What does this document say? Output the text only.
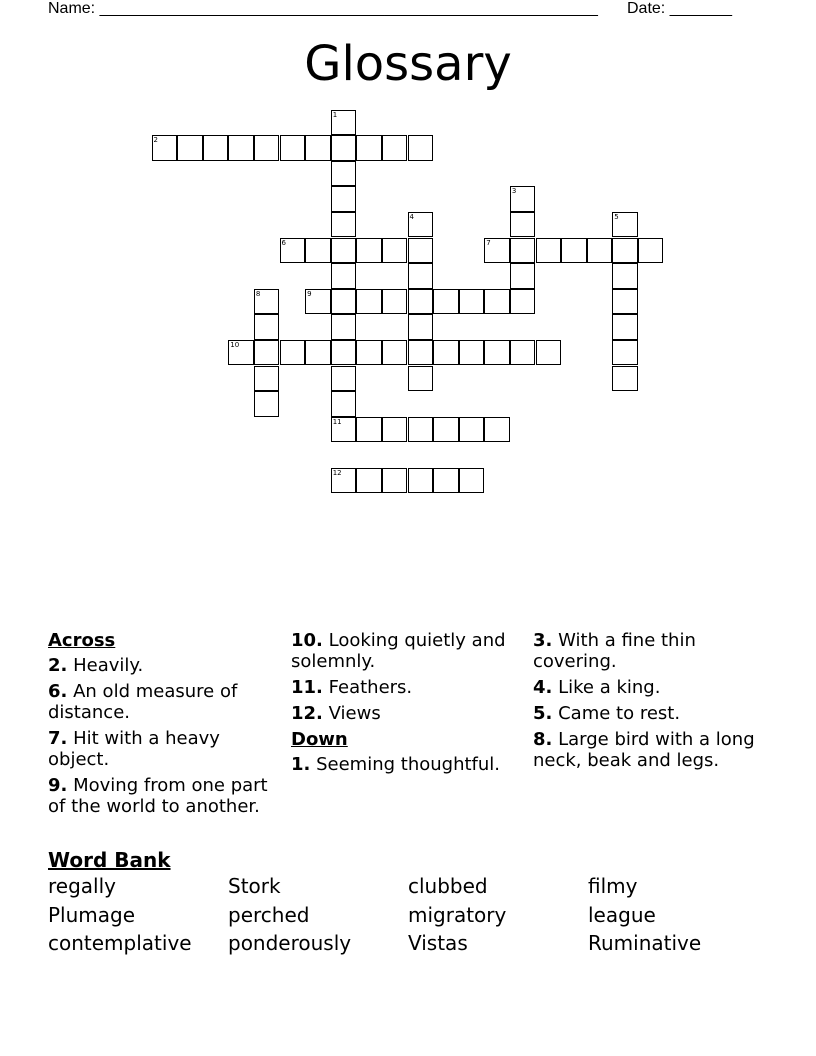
Name: ________________________________________________________ Date: _______
Glossary
1
2
3
4	5
6	7
8	9
10
11
12
Across
2. Heavily.
6. An old measure of distance.
7. Hit with a heavy object.
9. Moving from one part of the world to another.
10. Looking quietly and solemnly.
11. Feathers.
12. Views
Down
1. Seeming thoughtful.
3. With a fine thin covering.
4. Like a king.
5. Came to rest.
8. Large bird with a long neck, beak and legs.
Word Bank
regally	Stork	clubbed	filmy
Plumage	perched	migratory	league
contemplative ponderously	Vistas	Ruminative
